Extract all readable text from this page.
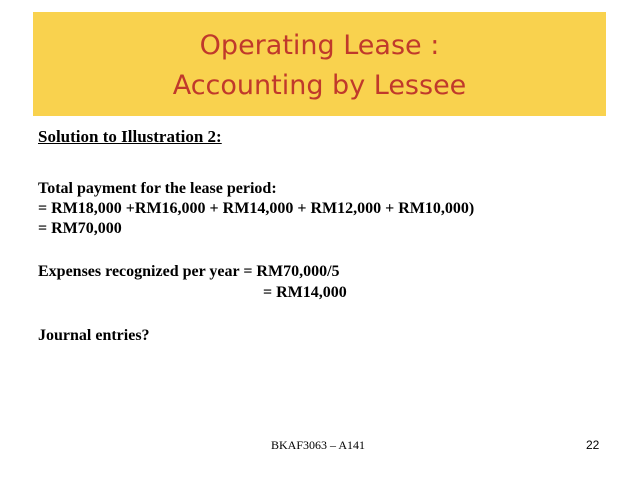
Operating Lease :
Accounting by Lessee
Solution to Illustration 2:
Total payment for the lease period:
= RM18,000 +RM16,000 + RM14,000 + RM12,000 + RM10,000)
= RM70,000
Expenses recognized per year = RM70,000/5
= RM14,000
Journal entries?
BKAF3063 – A141	22
